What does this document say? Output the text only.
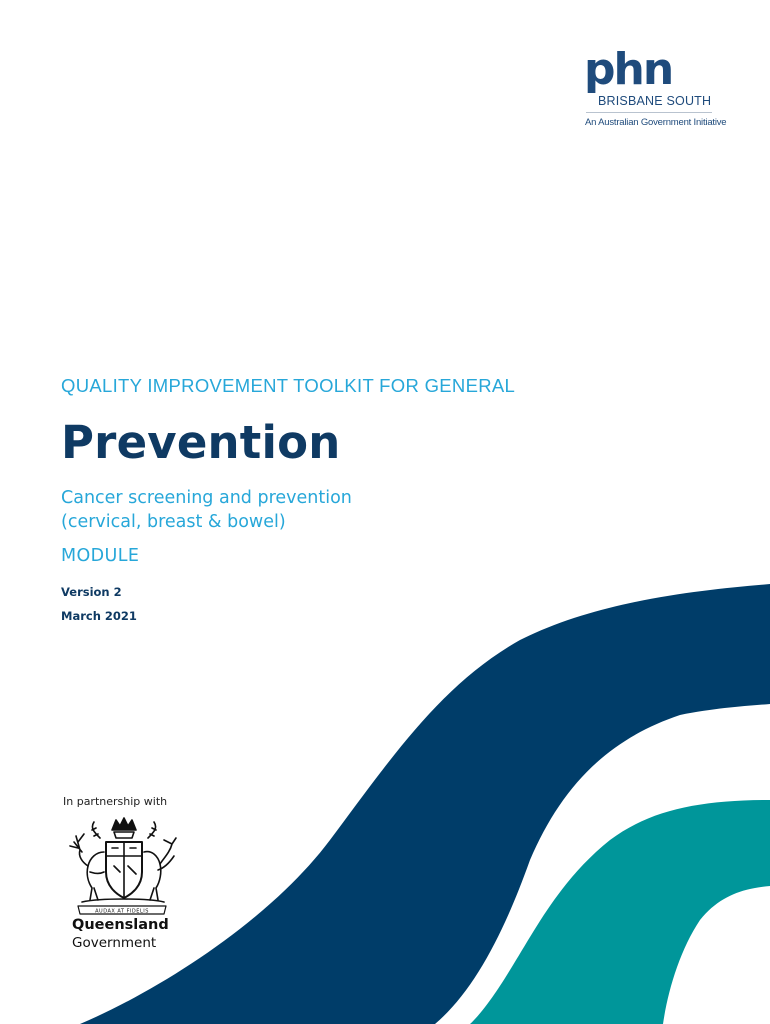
phn
BRISBANE SOUTH
An Australian Government Initiative
QUALITY IMPROVEMENT TOOLKIT FOR GENERAL
Prevention
Cancer screening and prevention
(cervical, breast & bowel)
MODULE
Version 2
March 2021
In partnership with
AUDAX AT FIDELIS
Queensland
Government
